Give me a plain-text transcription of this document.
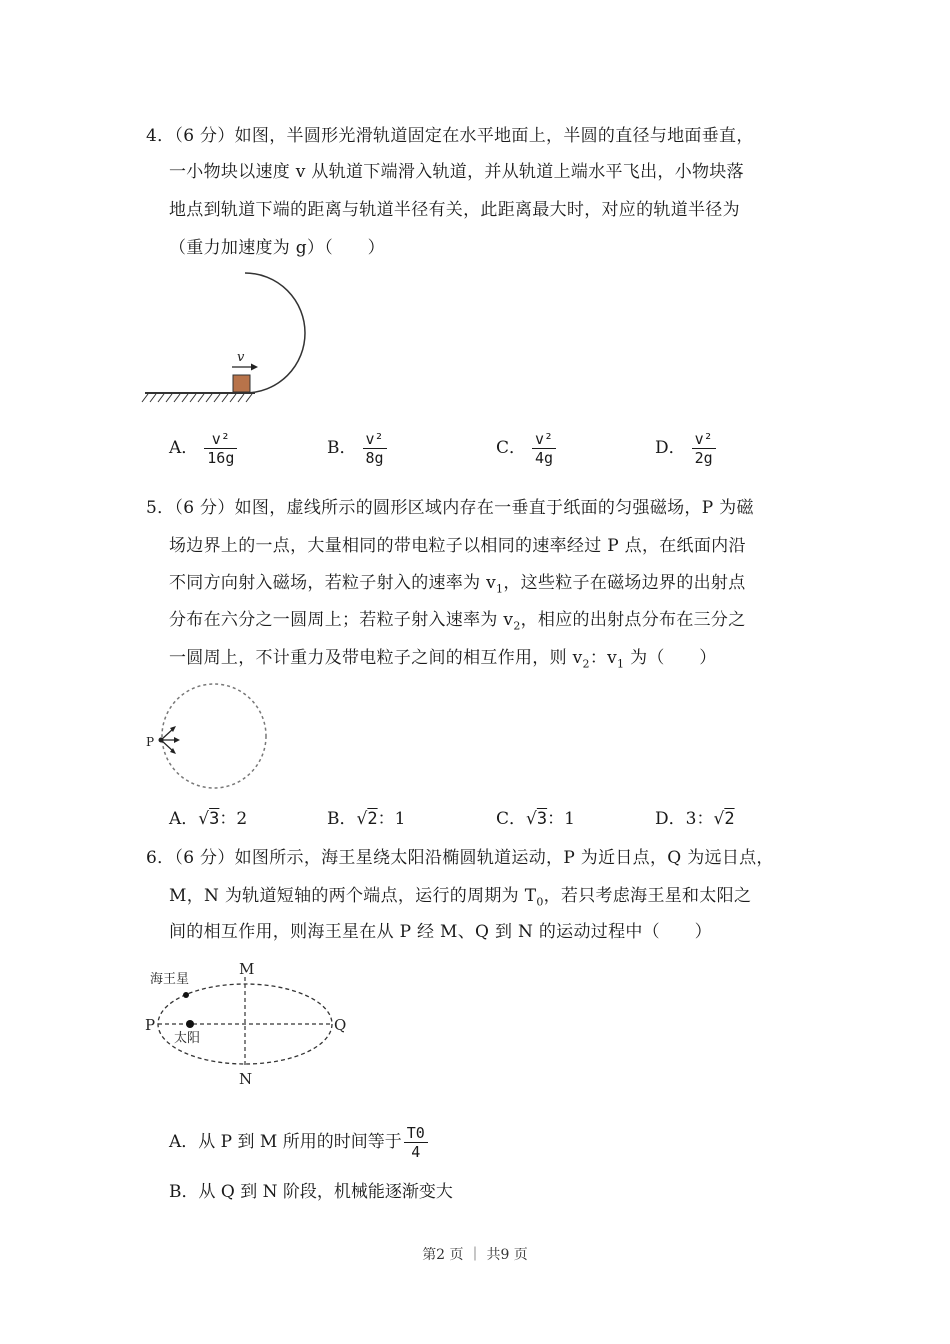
4．（6 分）如图，半圆形光滑轨道固定在水平地面上，半圆的直径与地面垂直，
一小物块以速度 v 从轨道下端滑入轨道，并从轨道上端水平飞出，小物块落
地点到轨道下端的距离与轨道半径有关，此距离最大时，对应的轨道半径为
（重力加速度为 g）（　　）
v
A． $\frac{\text{v²}}{16g}$	B． $\frac{\text{v²}}{8g}$	C． $\frac{\text{v²}}{4g}$	D． $\frac{\text{v²}}{2g}$
5．（6 分）如图，虚线所示的圆形区域内存在一垂直于纸面的匀强磁场，P 为磁
场边界上的一点，大量相同的带电粒子以相同的速率经过 P 点，在纸面内沿
不同方向射入磁场，若粒子射入的速率为 $v_1$，这些粒子在磁场边界的出射点
分布在六分之一圆周上；若粒子射入速率为 $v_2$，相应的出射点分布在三分之
一圆周上，不计重力及带电粒子之间的相互作用，则 $v_2$：$v_1$ 为（　　）
P
A．√3：2	B．√2：1	C．√3：1	D．3：√2
6．（6 分）如图所示，海王星绕太阳沿椭圆轨道运动，P 为近日点，Q 为远日点，
M，N 为轨道短轴的两个端点，运行的周期为 $T_0$，若只考虑海王星和太阳之
间的相互作用，则海王星在从 P 经 M、Q 到 N 的运动过程中（　　）
M
N
P	Q
海王星
太阳
A．从 P 到 M 所用的时间等于 $\frac{T0}{4}$
B．从 Q 到 N 阶段，机械能逐渐变大
第2 页 ｜ 共9 页
